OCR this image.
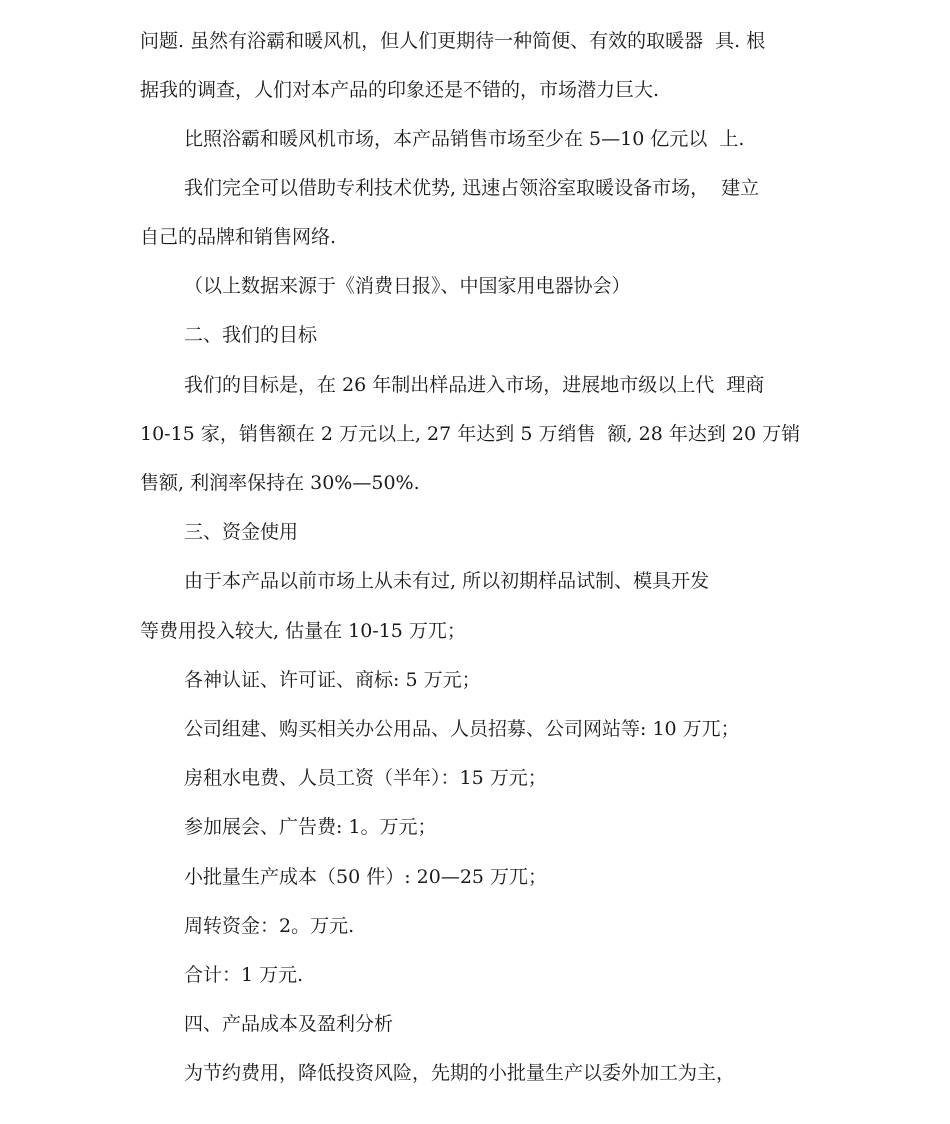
问题. 虽然有浴霸和暖风机，但人们更期待一种简便、有效的取暖器  具. 根
据我的调查，人们对本产品的印象还是不错的，市场潜力巨大.
比照浴霸和暖风机市场，本产品销售市场至少在 5—10 亿元以  上.
我们完全可以借助专利技术优势, 迅速占领浴室取暖设备市场，  建立
自己的品牌和销售网络.
（以上数据来源于《消费日报》、中国家用电器协会）
二、我们的目标
我们的目标是，在 26 年制出样品进入市场，进展地市级以上代  理商
10-15 家，销售额在 2 万元以上, 27 年达到 5 万绡售  额, 28 年达到 20 万销
售额, 利润率保持在 30%—50%.
三、资金使用
由于本产品以前市场上从未有过, 所以初期样品试制、模具开发
等费用投入较大, 估量在 10-15 万兀；
各神认证、许可证、商标: 5 万元；
公司组建、购买相关办公用品、人员招募、公司网站等: 10 万兀；
房租水电费、人员工资（半年）：15 万元；
参加展会、广告费: 1。万元；
小批量生产成本（50 件）: 20—25 万兀；
周转资金：2。万元.
合计：1 万元.
四、产品成本及盈利分析
为节约费用，降低投资风险，先期的小批量生产以委外加工为主，
